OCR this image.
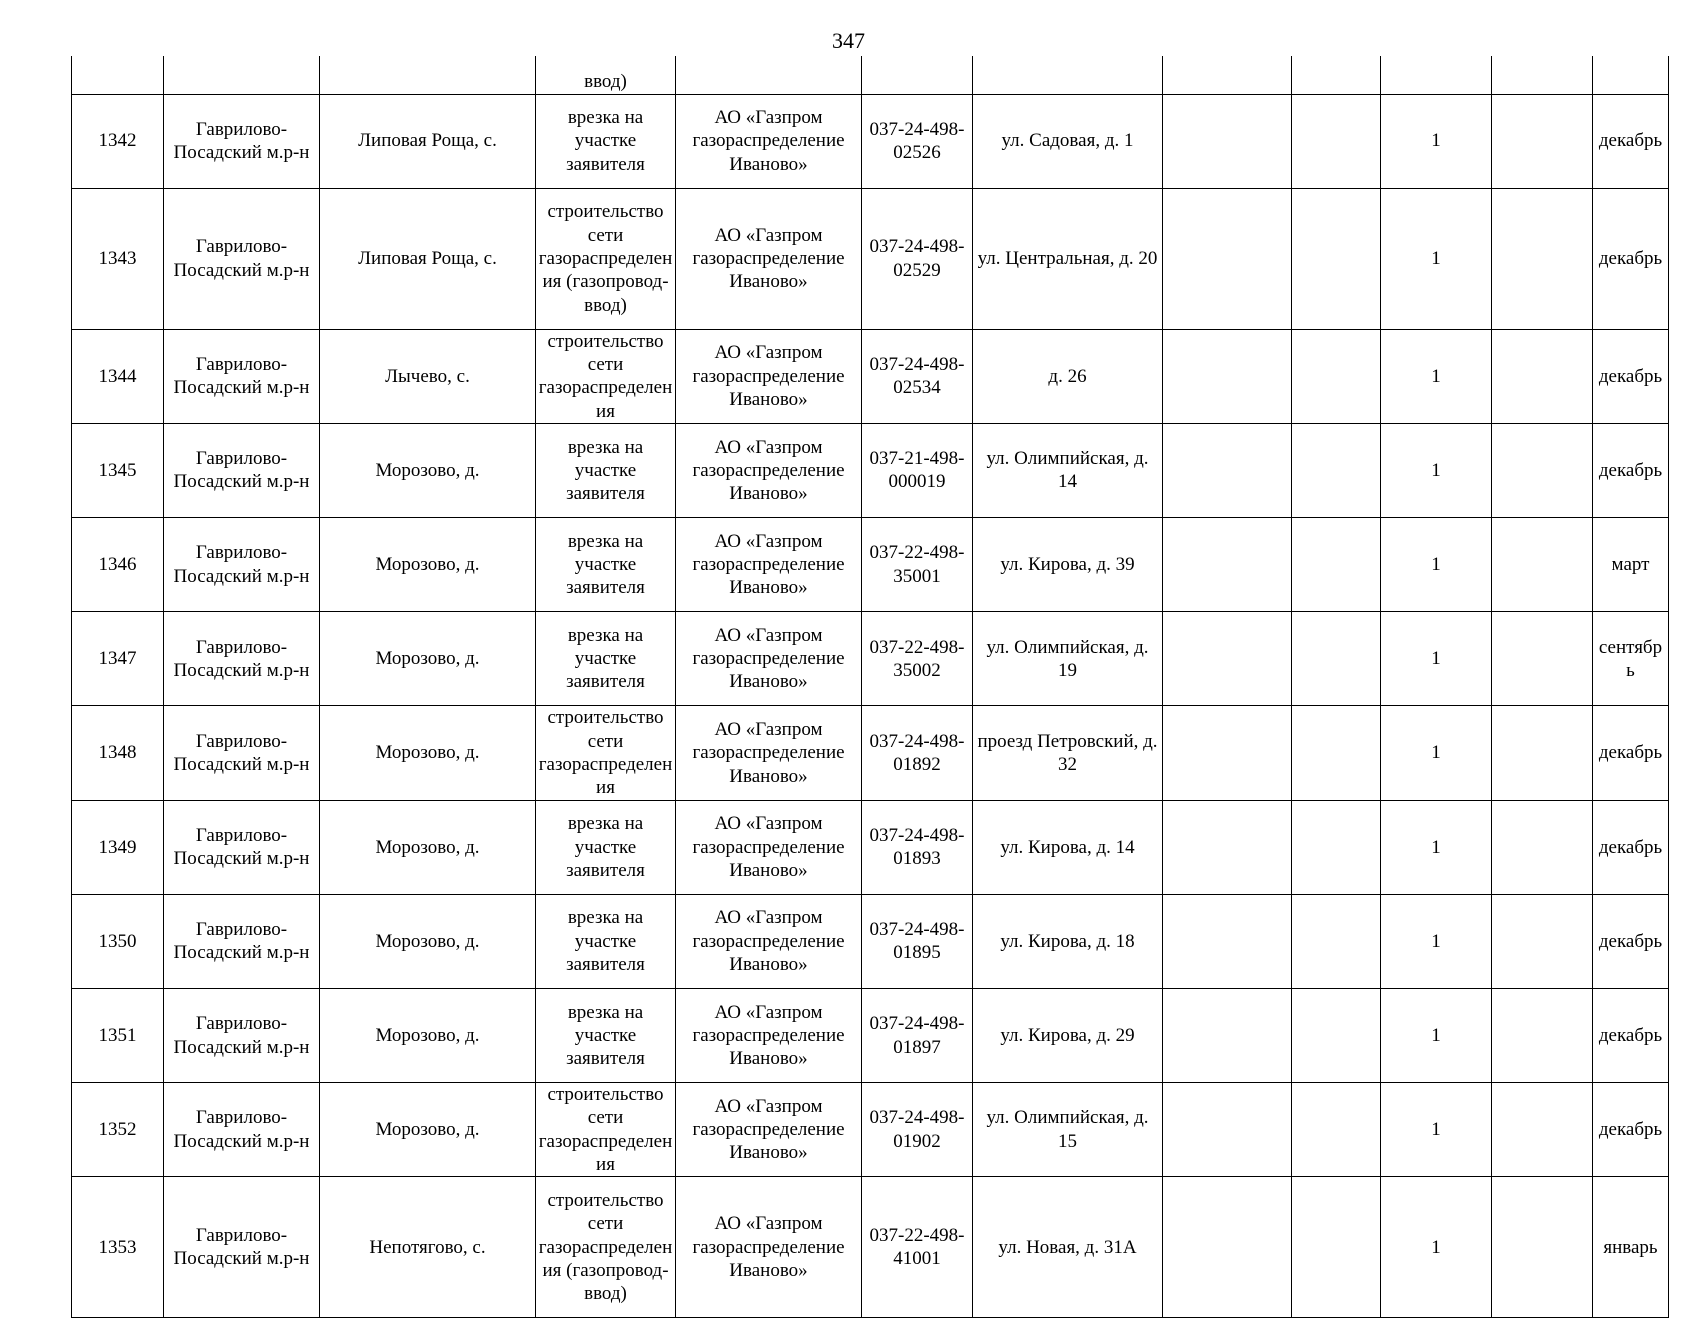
347
			ввод)									
1342	Гаврилово-Посадский м.р-н	Липовая Роща, с.	врезка на участке заявителя	АО «Газпром газораспределение Иваново»	037-24-498-02526	ул. Садовая, д. 1			1		декабрь	
1343	Гаврилово-Посадский м.р-н	Липовая Роща, с.	строительство сети газораспределения (газопровод-ввод)	АО «Газпром газораспределение Иваново»	037-24-498-02529	ул. Центральная, д. 20			1		декабрь	
1344	Гаврилово-Посадский м.р-н	Лычево, с.	строительство сети газораспределения	АО «Газпром газораспределение Иваново»	037-24-498-02534	д. 26			1		декабрь	
1345	Гаврилово-Посадский м.р-н	Морозово, д.	врезка на участке заявителя	АО «Газпром газораспределение Иваново»	037-21-498-000019	ул. Олимпийская, д. 14			1		декабрь	
1346	Гаврилово-Посадский м.р-н	Морозово, д.	врезка на участке заявителя	АО «Газпром газораспределение Иваново»	037-22-498-35001	ул. Кирова, д. 39			1		март	
1347	Гаврилово-Посадский м.р-н	Морозово, д.	врезка на участке заявителя	АО «Газпром газораспределение Иваново»	037-22-498-35002	ул. Олимпийская, д. 19			1		сентябрь	
1348	Гаврилово-Посадский м.р-н	Морозово, д.	строительство сети газораспределения	АО «Газпром газораспределение Иваново»	037-24-498-01892	проезд Петровский, д. 32			1		декабрь	
1349	Гаврилово-Посадский м.р-н	Морозово, д.	врезка на участке заявителя	АО «Газпром газораспределение Иваново»	037-24-498-01893	ул. Кирова, д. 14			1		декабрь	
1350	Гаврилово-Посадский м.р-н	Морозово, д.	врезка на участке заявителя	АО «Газпром газораспределение Иваново»	037-24-498-01895	ул. Кирова, д. 18			1		декабрь	
1351	Гаврилово-Посадский м.р-н	Морозово, д.	врезка на участке заявителя	АО «Газпром газораспределение Иваново»	037-24-498-01897	ул. Кирова, д. 29			1		декабрь	
1352	Гаврилово-Посадский м.р-н	Морозово, д.	строительство сети газораспределения	АО «Газпром газораспределение Иваново»	037-24-498-01902	ул. Олимпийская, д. 15			1		декабрь	
1353	Гаврилово-Посадский м.р-н	Непотягово, с.	строительство сети газораспределения (газопровод-ввод)	АО «Газпром газораспределение Иваново»	037-22-498-41001	ул. Новая, д. 31А			1		январь	
